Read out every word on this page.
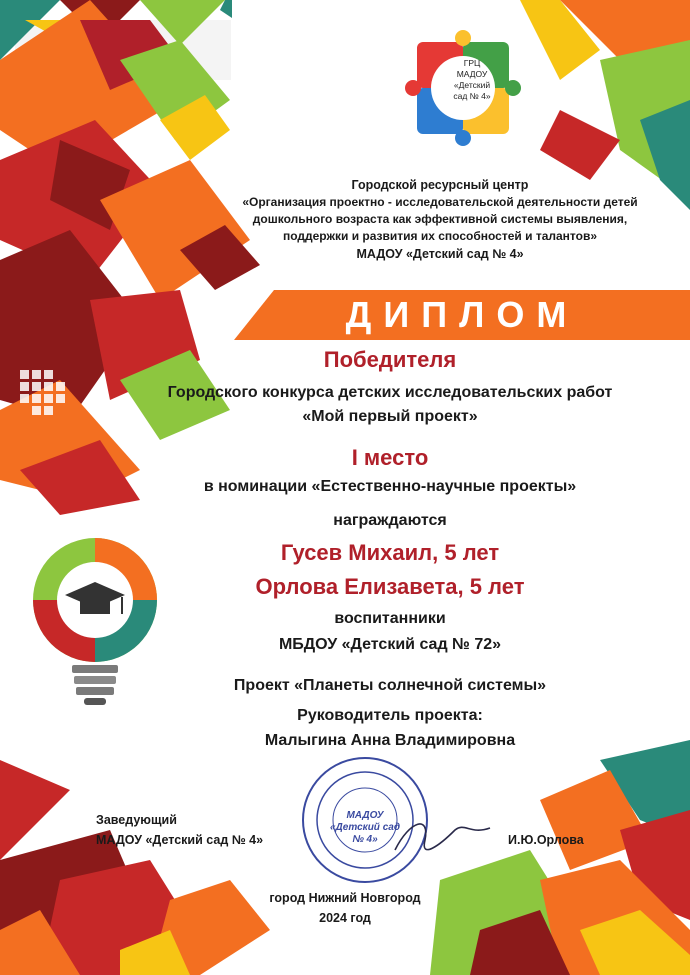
ГРЦ
МАДОУ
«Детский
сад № 4»
Городской ресурсный центр
«Организация проектно - исследовательской деятельности детей
дошкольного возраста как эффективной системы выявления,
поддержки и развития их способностей и талантов»
МАДОУ «Детский сад № 4»
ДИПЛОМ
Победителя
Городского конкурса детских исследовательских работ
«Мой первый проект»
I место
в номинации «Естественно-научные проекты»
награждаются
Гусев Михаил, 5 лет
Орлова Елизавета, 5 лет
воспитанники
МБДОУ «Детский сад № 72»
Проект «Планеты солнечной системы»
Руководитель проекта:
Малыгина Анна Владимировна
Заведующий
МАДОУ «Детский сад № 4»	И.Ю.Орлова
МАДОУ
«Детский сад
№ 4»
город Нижний Новгород
2024 год
